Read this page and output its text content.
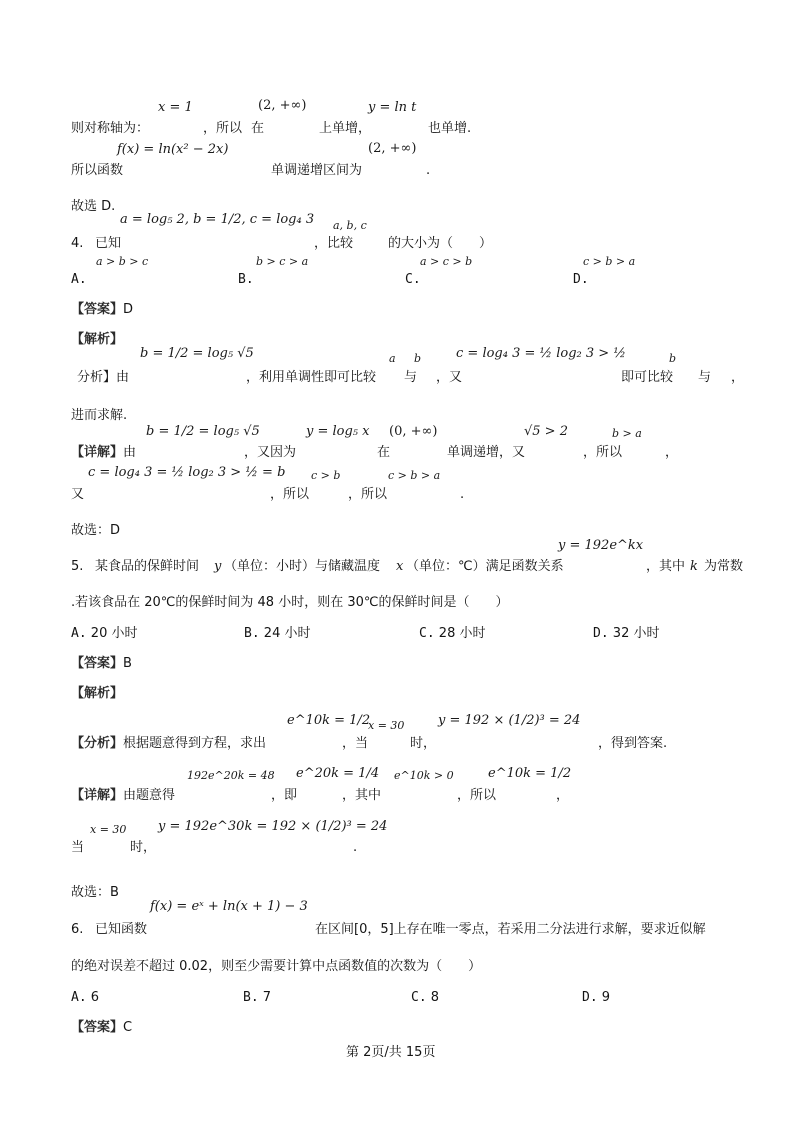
x = 1	(2, +∞)	y = ln t
则对称轴为：	，所以 在	上单增，	也单增.
f(x) = ln(x² − 2x)	(2, +∞)
所以函数	单调递增区间为	.
故选 D.
a = log₅ 2, b = 1/2, c = log₄ 3 a, b, c
4. 已知	，比较	的大小为（　　）
a > b > c	b > c > a	a > c > b	c > b > a
A.	B.	C.	D.
【答案】D
【解析】
b = 1/2 = log₅ √5	a b	c = log₄ 3 = ½ log₂ 3 > ½	b
分析】由	，利用单调性即可比较 与 ，又	即可比较 与 ，
进而求解.
b = 1/2 = log₅ √5	y = log₅ x (0, +∞)	√5 > 2	b > a
【详解】由	，又因为	在	单调递增，又	，所以	，
c = log₄ 3 = ½ log₂ 3 > ½ = b c > b	c > b > a
又	，所以	，所以	.
故选：D
y = 192e^kx
5. 某食品的保鲜时间 y （单位：小时）与储藏温度 x （单位：℃）满足函数关系	，其中 k 为常数
.若该食品在 20℃的保鲜时间为 48 小时，则在 30℃的保鲜时间是（　　）
A. 20 小时	B. 24 小时	C. 28 小时	D. 32 小时
【答案】B
【解析】
e^10k = 1/2
x = 30	y = 192 × (1/2)³ = 24
【分析】根据题意得到方程，求出	，当	时，	，得到答案.
192e^20k = 48 e^20k = 1/4 e^10k > 0	e^10k = 1/2
【详解】由题意得	，即	，其中	，所以	，
x = 30 y = 192e^30k = 192 × (1/2)³ = 24
当	时，	.
故选：B
f(x) = eˣ + ln(x + 1) − 3
6. 已知函数	在区间[0，5]上存在唯一零点，若采用二分法进行求解，要求近似解
的绝对误差不超过 0.02，则至少需要计算中点函数值的次数为（　　）
A. 6	B. 7	C. 8	D. 9
【答案】C
第 2页/共 15页
